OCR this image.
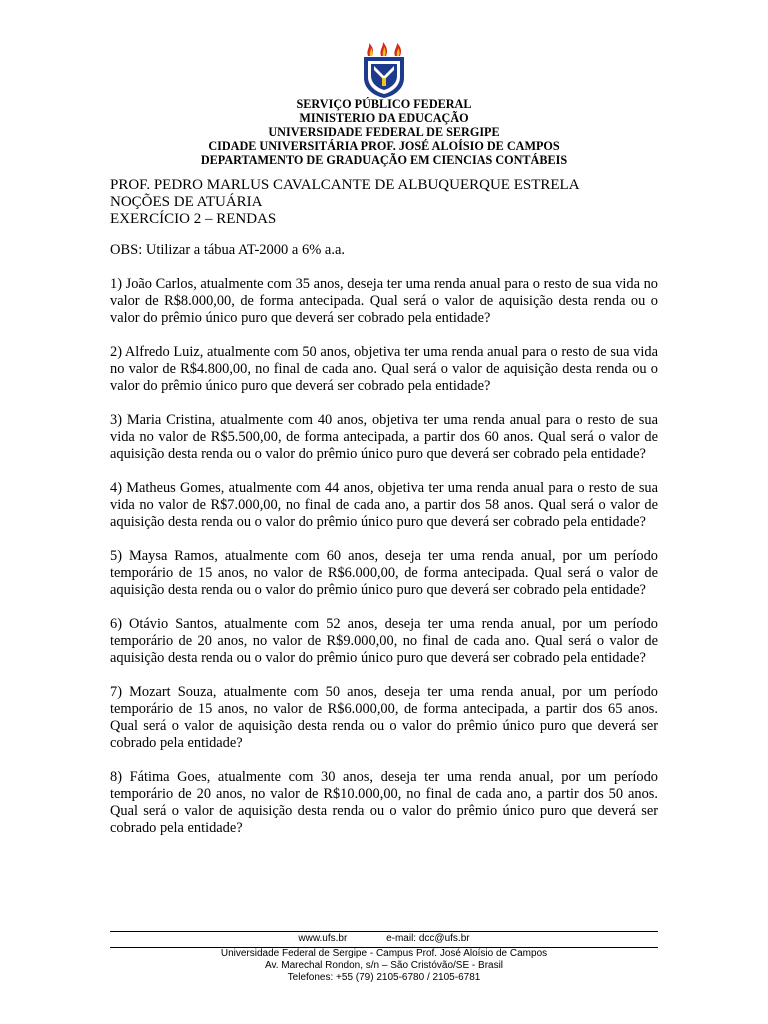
SERVIÇO PÚBLICO FEDERAL
MINISTERIO DA EDUCAÇÃO
UNIVERSIDADE FEDERAL DE SERGIPE
CIDADE UNIVERSITÁRIA PROF. JOSÉ ALOÍSIO DE CAMPOS
DEPARTAMENTO DE GRADUAÇÃO EM CIENCIAS CONTÁBEIS
PROF. PEDRO MARLUS CAVALCANTE DE ALBUQUERQUE ESTRELA
NOÇÕES DE ATUÁRIA
EXERCÍCIO 2 – RENDAS
OBS: Utilizar a tábua AT-2000 a 6% a.a.

1) João Carlos, atualmente com 35 anos, deseja ter uma renda anual para o resto de sua vida no valor de R$8.000,00, de forma antecipada. Qual será o valor de aquisição desta renda ou o valor do prêmio único puro que deverá ser cobrado pela entidade?

2) Alfredo Luiz, atualmente com 50 anos, objetiva ter uma renda anual para o resto de sua vida no valor de R$4.800,00, no final de cada ano. Qual será o valor de aquisição desta renda ou o valor do prêmio único puro que deverá ser cobrado pela entidade?

3) Maria Cristina, atualmente com 40 anos, objetiva ter uma renda anual para o resto de sua vida no valor de R$5.500,00, de forma antecipada, a partir dos 60 anos. Qual será o valor de aquisição desta renda ou o valor do prêmio único puro que deverá ser cobrado pela entidade?

4) Matheus Gomes, atualmente com 44 anos, objetiva ter uma renda anual para o resto de sua vida no valor de R$7.000,00, no final de cada ano, a partir dos 58 anos. Qual será o valor de aquisição desta renda ou o valor do prêmio único puro que deverá ser cobrado pela entidade?

5) Maysa Ramos, atualmente com 60 anos, deseja ter uma renda anual, por um período temporário de 15 anos, no valor de R$6.000,00, de forma antecipada. Qual será o valor de aquisição desta renda ou o valor do prêmio único puro que deverá ser cobrado pela entidade?

6) Otávio Santos, atualmente com 52 anos, deseja ter uma renda anual, por um período temporário de 20 anos, no valor de R$9.000,00, no final de cada ano. Qual será o valor de aquisição desta renda ou o valor do prêmio único puro que deverá ser cobrado pela entidade?

7) Mozart Souza, atualmente com 50 anos, deseja ter uma renda anual, por um período temporário de 15 anos, no valor de R$6.000,00, de forma antecipada, a partir dos 65 anos. Qual será o valor de aquisição desta renda ou o valor do prêmio único puro que deverá ser cobrado pela entidade?

8) Fátima Goes, atualmente com 30 anos, deseja ter uma renda anual, por um período temporário de 20 anos, no valor de R$10.000,00, no final de cada ano, a partir dos 50 anos. Qual será o valor de aquisição desta renda ou o valor do prêmio único puro que deverá ser cobrado pela entidade?

www.ufs.br	e-mail: dcc@ufs.br
Universidade Federal de Sergipe - Campus Prof. José Aloísio de Campos
Av. Marechal Rondon, s/n – São Cristóvão/SE - Brasil
Telefones: +55 (79) 2105-6780 / 2105-6781
